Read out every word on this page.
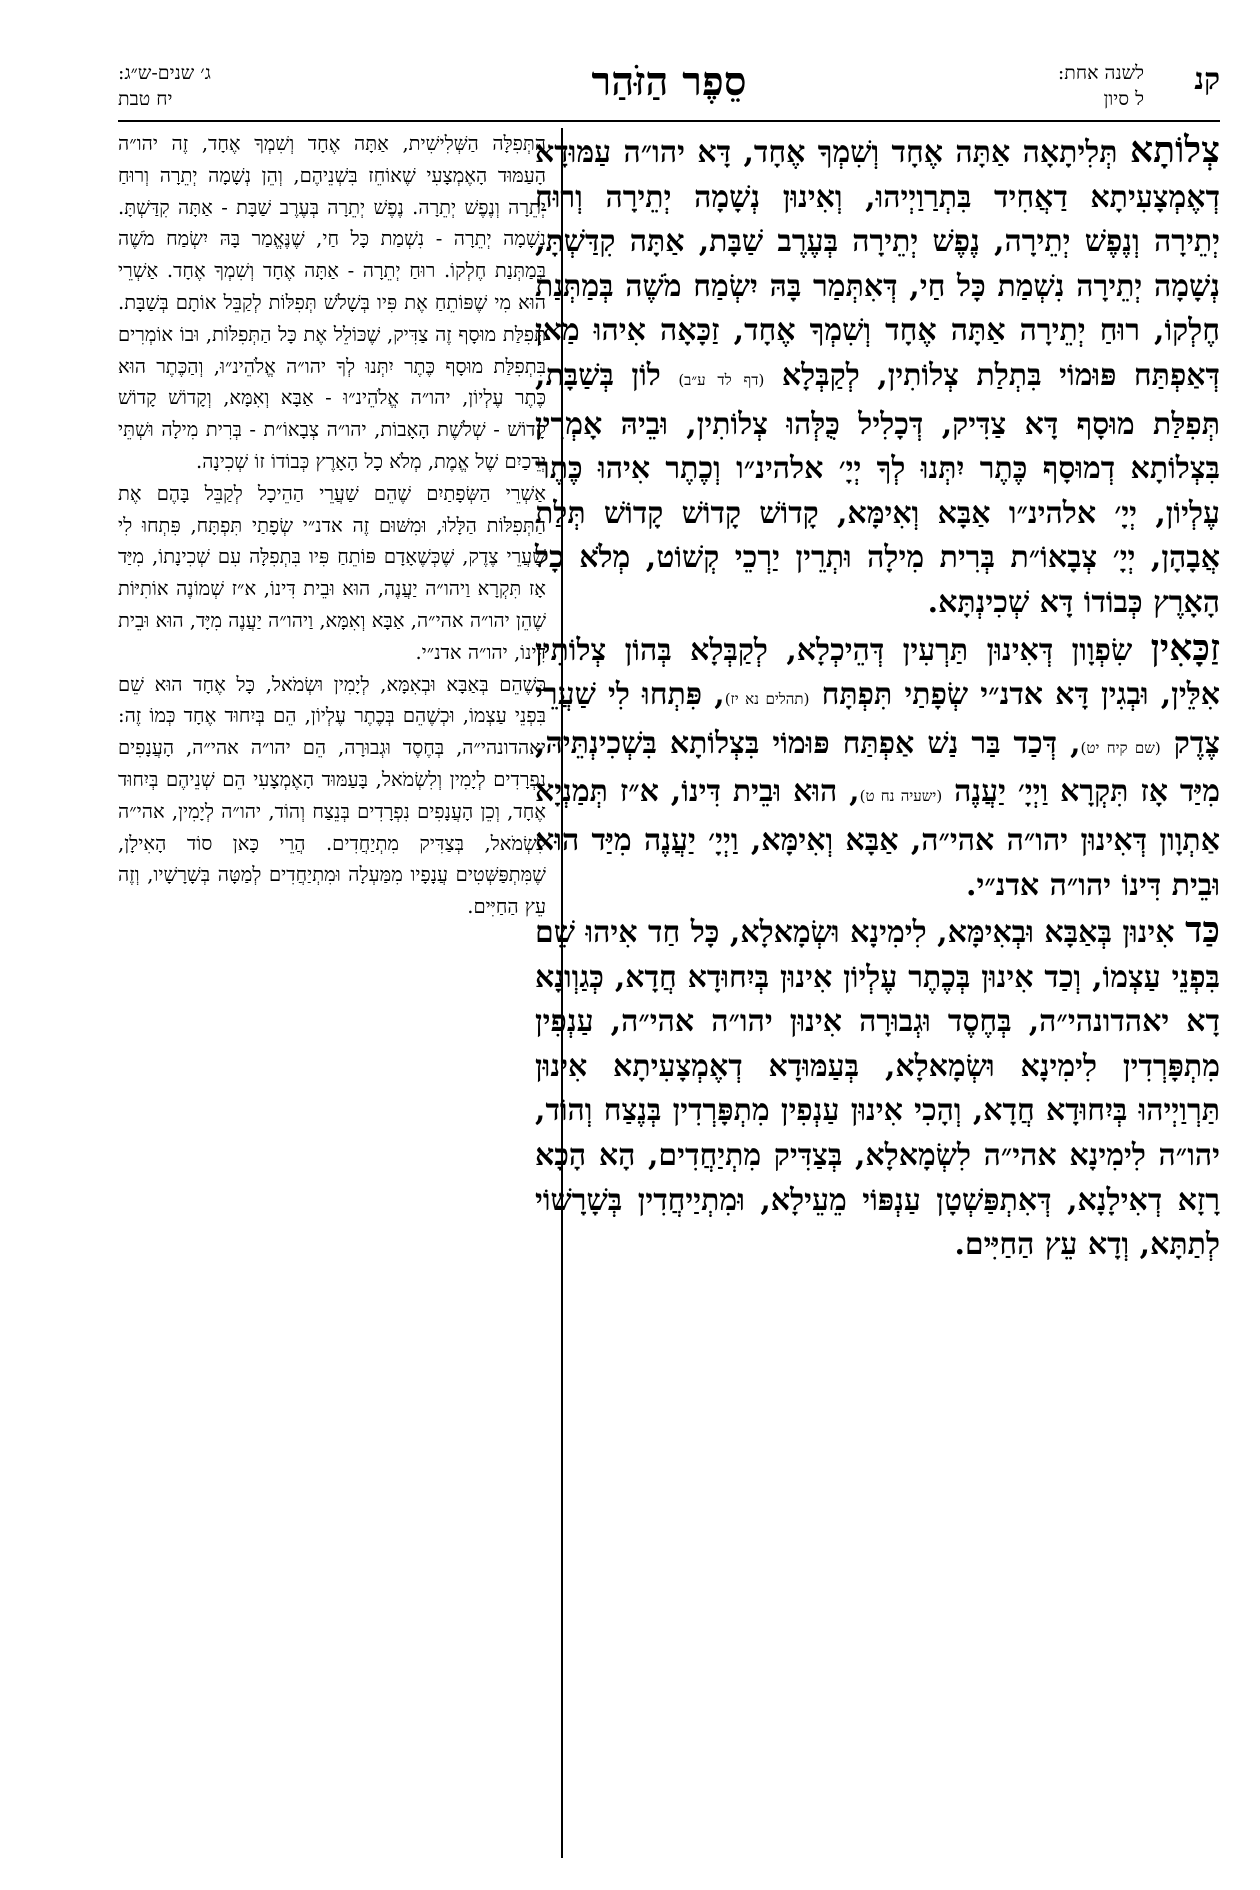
קנ
לשנה אחת:
ל סיון
סֵפֶר הַזֹּהַר
ג׳ שנים-ש״ג:
יח טבת

צְלוֹתָא תְּלִיתָאָה אַתָּה אֶחָד וְשִׁמְךָ אֶחָד, דָּא יהו״ה עַמּוּדָא דְאֶמְצָעִיתָא דַאֲחִיד בִּתְרַוַיְיהוּ, וְאִינוּן נְשָׁמָה יְתֵירָה וְרוּחַ יְתֵירָה וְנֶפֶשׁ יְתֵירָה, נֶפֶשׁ יְתֵירָה בְּעֶרֶב שַׁבָּת, אַתָּה קִדַּשְׁתָּ, נְשָׁמָה יְתֵירָה נִשְׁמַת כָּל חַי, דְּאִתְּמַר בָּהּ יִשְׂמַח מֹשֶׁה בְּמַתְּנַת חֶלְקוֹ, רוּחַ יְתֵירָה אַתָּה אֶחָד וְשִׁמְךָ אֶחָד, זַכָּאָה אִיהוּ מַאן דְּאַפְתַּח פּוּמוֹי בִּתְלַת צְלוֹתִין, לְקַבְּלָא (דף לד ע״ב) לוֹן בְּשַׁבָּת, תְּפִלַּת מוּסָף דָּא צַדִּיק, דְּכָלִיל כֻּלְּהוּ צְלוֹתִין, וּבֵיהּ אָמְרִין בִּצְלוֹתָא דְמוּסָף כֶּתֶר יִתְּנוּ לְךָ יְיָ׳ אלהינ״ו וְכֶתֶר אִיהוּ כֶּתֶר עֶלְיוֹן, יְיָ׳ אלהינ״ו אַבָּא וְאִימָּא, קָדוֹשׁ קָדוֹשׁ קָדוֹשׁ תְּלַת אֲבָהָן, יְיָ׳ צְבָאוֹ״ת בְּרִית מִילָה וּתְרֵין יַרְכֵי קְשׁוֹט, מְלֹא כָל הָאָרֶץ כְּבוֹדוֹ דָּא שְׁכִינְתָּא.

זַכָּאִין שִׂפְוָון דְּאִינוּן תַּרְעִין דְּהֵיכְלָא, לְקַבְּלָא בְּהוֹן צְלוֹתִין אִלֵּין, וּבְגִין דָּא אדנ״י שְׂפָתַי תִּפְתָּח (תהלים נא יז), פִּתְחוּ לִי שַׁעֲרֵי צֶדֶק (שם קיח יט), דְּכַד בַּר נַשׁ אַפְתַּח פּוּמוֹי בִּצְלוֹתָא בִּשְׁכִינְתֵּיהּ, מִיַּד אָז תִּקְרָא וַיְיָ׳ יַעֲנֶה (ישעיה נח ט), הוּא וּבֵית דִּינוֹ, א״ז תְּמַנְיָא אַתְוָון דְּאִינוּן יהו״ה אהי״ה, אַבָּא וְאִימָּא, וַיְיָ׳ יַעֲנֶה מִיַּד הוּא וּבֵית דִּינוֹ יהו״ה אדנ״י.

כַּד אִינוּן בְּאַבָּא וּבְאִימָּא, לִימִינָא וּשְׂמָאלָא, כָּל חַד אִיהוּ שֵׁם בִּפְנֵי עַצְמוֹ, וְכַד אִינוּן בְּכֶתֶר עֶלְיוֹן אִינוּן בְּיִחוּדָא חֲדָא, כְּגַוְונָא דָא יאהדונהי״ה, בְּחֶסֶד וּגְבוּרָה אִינוּן יהו״ה אהי״ה, עַנְפִין מִתְפָּרְדִין לִימִינָא וּשְׂמָאלָא, בְּעַמּוּדָא דְאֶמְצָעִיתָא אִינוּן תַּרְוַיְיהוּ בְּיִחוּדָא חֲדָא, וְהָכִי אִינוּן עַנְפִין מִתְפָּרְדִין בְּנֶצַח וְהוֹד, יהו״ה לִימִינָא אהי״ה לִשְׂמָאלָא, בְּצַדִּיק מִתְיַחֲדִים, הָא הָכָא רָזָא דְאִילָנָא, דְּאִתְפַּשְׁטָן עַנְפּוֹי מֵעֵילָא, וּמִתְיַיחֲדִין בְּשָׁרָשׁוֹי לְתַתָּא, וְדָא עֵץ הַחַיִּים.

הַתְּפִלָּה הַשְּׁלִישִׁית, אַתָּה אֶחָד וְשִׁמְךָ אֶחָד, זֶה יהו״ה הָעַמּוּד הָאֶמְצָעִי שֶׁאוֹחֵז בִּשְׁנֵיהֶם, וְהֵן נְשָׁמָה יְתֵרָה וְרוּחַ יְתֵרָה וְנֶפֶשׁ יְתֵרָה. נֶפֶשׁ יְתֵרָה בְּעֶרֶב שַׁבָּת - אַתָּה קִדַּשְׁתָּ. נְשָׁמָה יְתֵרָה - נִשְׁמַת כָּל חַי, שֶׁנֶּאֱמַר בָּהּ יִשְׂמַח מֹשֶׁה בְּמַתְּנַת חֶלְקוֹ. רוּחַ יְתֵרָה - אַתָּה אֶחָד וְשִׁמְךָ אֶחָד. אַשְׁרֵי הוּא מִי שֶׁפּוֹתֵחַ אֶת פִּיו בְּשָׁלֹשׁ תְּפִלּוֹת לְקַבֵּל אוֹתָם בְּשַׁבָּת. תְּפִלַּת מוּסָף זֶה צַדִּיק, שֶׁכּוֹלֵל אֶת כָּל הַתְּפִלּוֹת, וּבוֹ אוֹמְרִים בִּתְפִלַּת מוּסָף כֶּתֶר יִתְּנוּ לְךָ יהו״ה אֱלֹהֵינ״וּ, וְהַכֶּתֶר הוּא כֶּתֶר עֶלְיוֹן, יהו״ה אֱלֹהֵינ״וּ - אַבָּא וְאִמָּא, וְקָדוֹשׁ קָדוֹשׁ קָדוֹשׁ - שְׁלֹשֶׁת הָאָבוֹת, יהו״ה צְבָאוֹ״ת - בְּרִית מִילָה וּשְׁתֵּי יְרֵכַיִם שֶׁל אֱמֶת, מְלֹא כָל הָאָרֶץ כְּבוֹדוֹ זוֹ שְׁכִינָה.

אַשְׁרֵי הַשְּׂפָתַיִם שֶׁהֵם שַׁעֲרֵי הַהֵיכָל לְקַבֵּל בָּהֶם אֶת הַתְּפִלּוֹת הַלָּלוּ, וּמִשּׁוּם זֶה אדנ״י שְׂפָתַי תִּפְתָּח, פִּתְחוּ לִי שַׁעֲרֵי צֶדֶק, שֶׁכְּשֶׁאָדָם פּוֹתֵחַ פִּיו בִּתְפִלָּה עִם שְׁכִינָתוֹ, מִיַּד אָז תִּקְרָא וַיהו״ה יַעֲנֶה, הוּא וּבֵית דִּינוֹ, א״ז שְׁמוֹנֶה אוֹתִיּוֹת שֶׁהֵן יהו״ה אהי״ה, אַבָּא וְאִמָּא, וַיהו״ה יַעֲנֶה מִיָּד, הוּא וּבֵית דִּינוֹ, יהו״ה אדנ״י.

כְּשֶׁהֵם בְּאַבָּא וּבְאִמָּא, לְיָמִין וּשְׂמֹאל, כָּל אֶחָד הוּא שֵׁם בִּפְנֵי עַצְמוֹ, וּכְשֶׁהֵם בְּכֶתֶר עֶלְיוֹן, הֵם בְּיִחוּד אֶחָד כְּמוֹ זֶה: יאהדונהי״ה, בְּחֶסֶד וּגְבוּרָה, הֵם יהו״ה אהי״ה, הָעֲנָפִים נִפְרָדִים לְיָמִין וְלִשְׂמֹאל, בָּעַמּוּד הָאֶמְצָעִי הֵם שְׁנֵיהֶם בְּיִחוּד אֶחָד, וְכֵן הָעֲנָפִים נִפְרָדִים בְּנֵצַח וְהוֹד, יהו״ה לְיָמִין, אהי״ה לִשְׂמֹאל, בְּצַדִּיק מִתְיַחֲדִים. הֲרֵי כָּאן סוֹד הָאִילָן, שֶׁמִּתְפַּשְּׁטִים עֲנָפָיו מִמַּעְלָה וּמִתְיַחֲדִים לְמַטָּה בְּשָׁרָשָׁיו, וְזֶה עֵץ הַחַיִּים.
